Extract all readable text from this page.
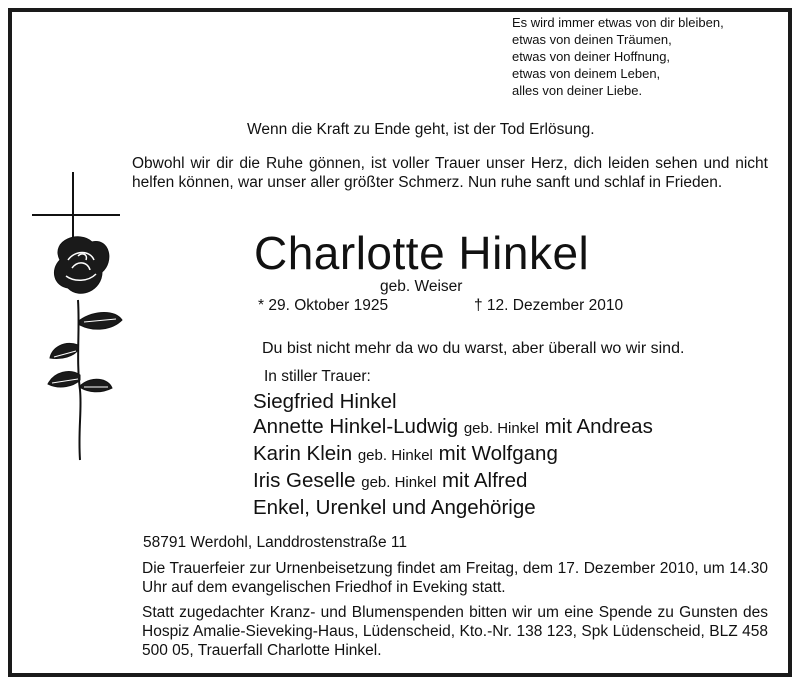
Es wird immer etwas von dir bleiben,
etwas von deinen Träumen,
etwas von deiner Hoffnung,
etwas von deinem Leben,
alles von deiner Liebe.
Wenn die Kraft zu Ende geht, ist der Tod Erlösung.
Obwohl wir dir die Ruhe gönnen, ist voller Trauer unser Herz, dich leiden sehen und nicht helfen können, war unser aller größter Schmerz. Nun ruhe sanft und schlaf in Frieden.
Charlotte Hinkel
geb. Weiser
* 29. Oktober 1925	† 12. Dezember 2010
Du bist nicht mehr da wo du warst, aber überall wo wir sind.
In stiller Trauer:
Siegfried Hinkel
Annette Hinkel-Ludwig geb. Hinkel mit Andreas
Karin Klein geb. Hinkel mit Wolfgang
Iris Geselle geb. Hinkel mit Alfred
Enkel, Urenkel und Angehörige
58791 Werdohl, Landdrostenstraße 11
Die Trauerfeier zur Urnenbeisetzung findet am Freitag, dem 17. Dezember 2010, um 14.30 Uhr auf dem evangelischen Friedhof in Eveking statt.
Statt zugedachter Kranz- und Blumenspenden bitten wir um eine Spende zu Gunsten des Hospiz Amalie-Sieveking-Haus, Lüdenscheid, Kto.-Nr. 138 123, Spk Lüdenscheid, BLZ 458 500 05, Trauerfall Charlotte Hinkel.
